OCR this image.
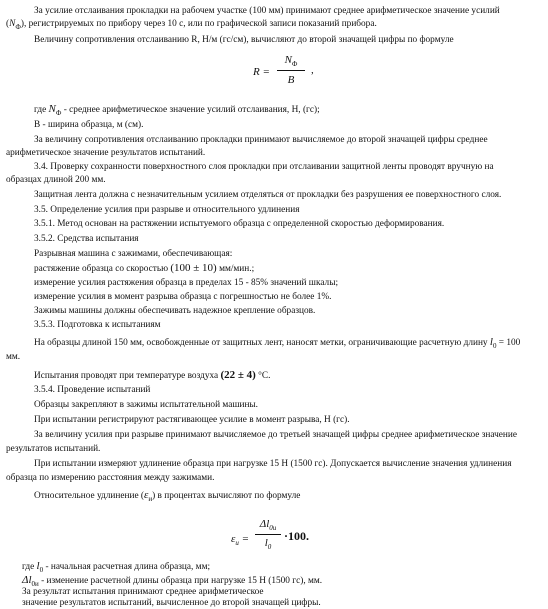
За усилие отслаивания прокладки на рабочем участке (100 мм) принимают среднее арифметическое значение усилий
$(N_Ф)$, регистрируемых по прибору через 10 с, или по графической записи показаний прибора.
Величину сопротивления отслаиванию R, Н/м (гс/см), вычисляют до второй значащей цифры по формуле
R =
$N_Ф$
B
,
где $N_Ф$ - среднее арифметическое значение усилий отслаивания, Н, (гс);
В - ширина образца, м (см).
За величину сопротивления отслаиванию прокладки принимают вычисляемое до второй значащей цифры среднее
арифметическое значение результатов испытаний.
3.4. Проверку сохранности поверхностного слоя прокладки при отслаивании защитной ленты проводят вручную на
образцах длиной 200 мм.
Защитная лента должна с незначительным усилием отделяться от прокладки без разрушения ее поверхностного слоя.
3.5. Определение усилия при разрыве и относительного удлинения
3.5.1. Метод основан на растяжении испытуемого образца с определенной скоростью деформирования.
3.5.2. Средства испытания
Разрывная машина с зажимами, обеспечивающая:
растяжение образца со скоростью (100 ± 10) мм/мин.;
измерение усилия растяжения образца в пределах 15 - 85% значений шкалы;
измерение усилия в момент разрыва образца с погрешностью не более 1%.
Зажимы машины должны обеспечивать надежное крепление образцов.
3.5.3. Подготовка к испытаниям
На образцы длиной 150 мм, освобожденные от защитных лент, наносят метки, ограничивающие расчетную длину $l_0 = 100$
мм.
Испытания проводят при температуре воздуха (22 ± 4) °С.
3.5.4. Проведение испытаний
Образцы закрепляют в зажимы испытательной машины.
При испытании регистрируют растягивающее усилие в момент разрыва, Н (гс).
За величину усилия при разрыве принимают вычисляемое до третьей значащей цифры среднее арифметическое значение
результатов испытаний.
При испытании измеряют удлинение образца при нагрузке 15 Н (1500 гс). Допускается вычисление значения удлинения
образца по измерению расстояния между зажимами.
Относительное удлинение $(\varepsilon_и)$ в процентах вычисляют по формуле
$\varepsilon_и$ =
$\Delta l_{0и}$
$l_0$
·100.
где $l_0$ - начальная расчетная длина образца, мм;
$\Delta l_{0и}$ - изменение расчетной длины образца при нагрузке 15 Н (1500 гс), мм.
За результат испытания принимают среднее арифметическое
значение результатов испытаний, вычисленное до второй значащей цифры.
